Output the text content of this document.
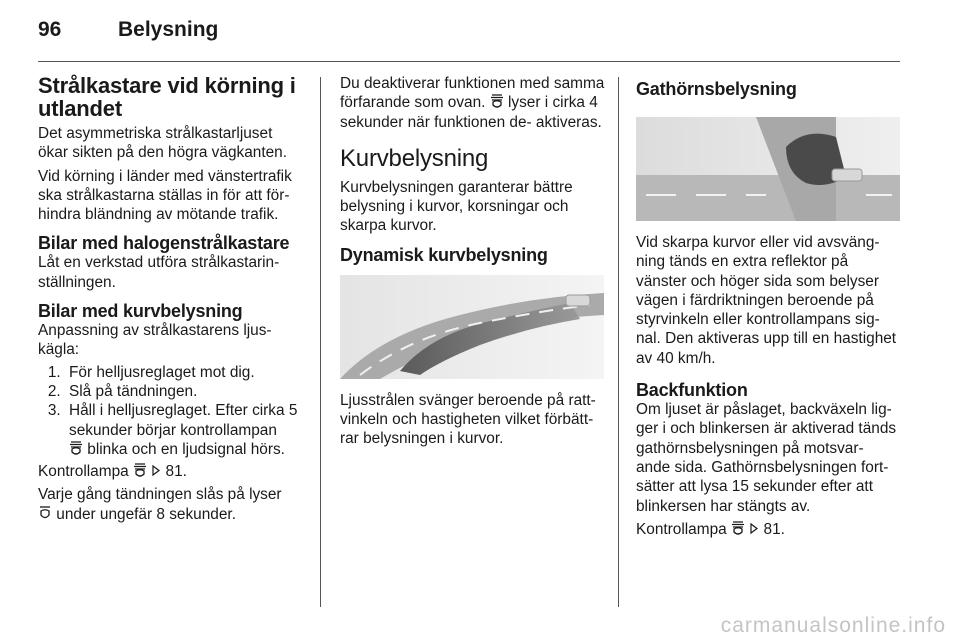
96	Belysning
Strålkastare vid körning i utlandet

Det asymmetriska strålkastarljuset ökar sikten på den högra vägkanten.

Vid körning i länder med vänstertrafik ska strålkastarna ställas in för att för- hindra bländning av mötande trafik.

Bilar med halogenstrålkastare

Låt en verkstad utföra strålkastarin- ställningen.

Bilar med kurvbelysning

Anpassning av strålkastarens ljus- kägla:

1. För helljusreglaget mot dig.
2. Slå på tändningen.
3. Håll i helljusreglaget. Efter cirka 5 sekunder börjar kontrollampan
blinka och en ljudsignal hörs.

Kontrollampa 81.

Varje gång tändningen slås på lyser
under ungefär 8 sekunder.

Du deaktiverar funktionen med samma förfarande som ovan. lyser i cirka 4 sekunder när funktionen de- aktiveras.

Kurvbelysning

Kurvbelysningen garanterar bättre belysning i kurvor, korsningar och skarpa kurvor.

Dynamisk kurvbelysning

Ljusstrålen svänger beroende på ratt- vinkeln och hastigheten vilket förbätt- rar belysningen i kurvor.

Gathörnsbelysning

Vid skarpa kurvor eller vid avsväng- ning tänds en extra reflektor på vänster och höger sida som belyser vägen i färdriktningen beroende på styrvinkeln eller kontrollampans sig- nal. Den aktiveras upp till en hastighet av 40 km/h.

Backfunktion

Om ljuset är påslaget, backväxeln lig- ger i och blinkersen är aktiverad tänds gathörnsbelysningen på motsvar- ande sida. Gathörnsbelysningen fort- sätter att lysa 15 sekunder efter att blinkersen har stängts av.

Kontrollampa 81.

carmanualsonline.info
